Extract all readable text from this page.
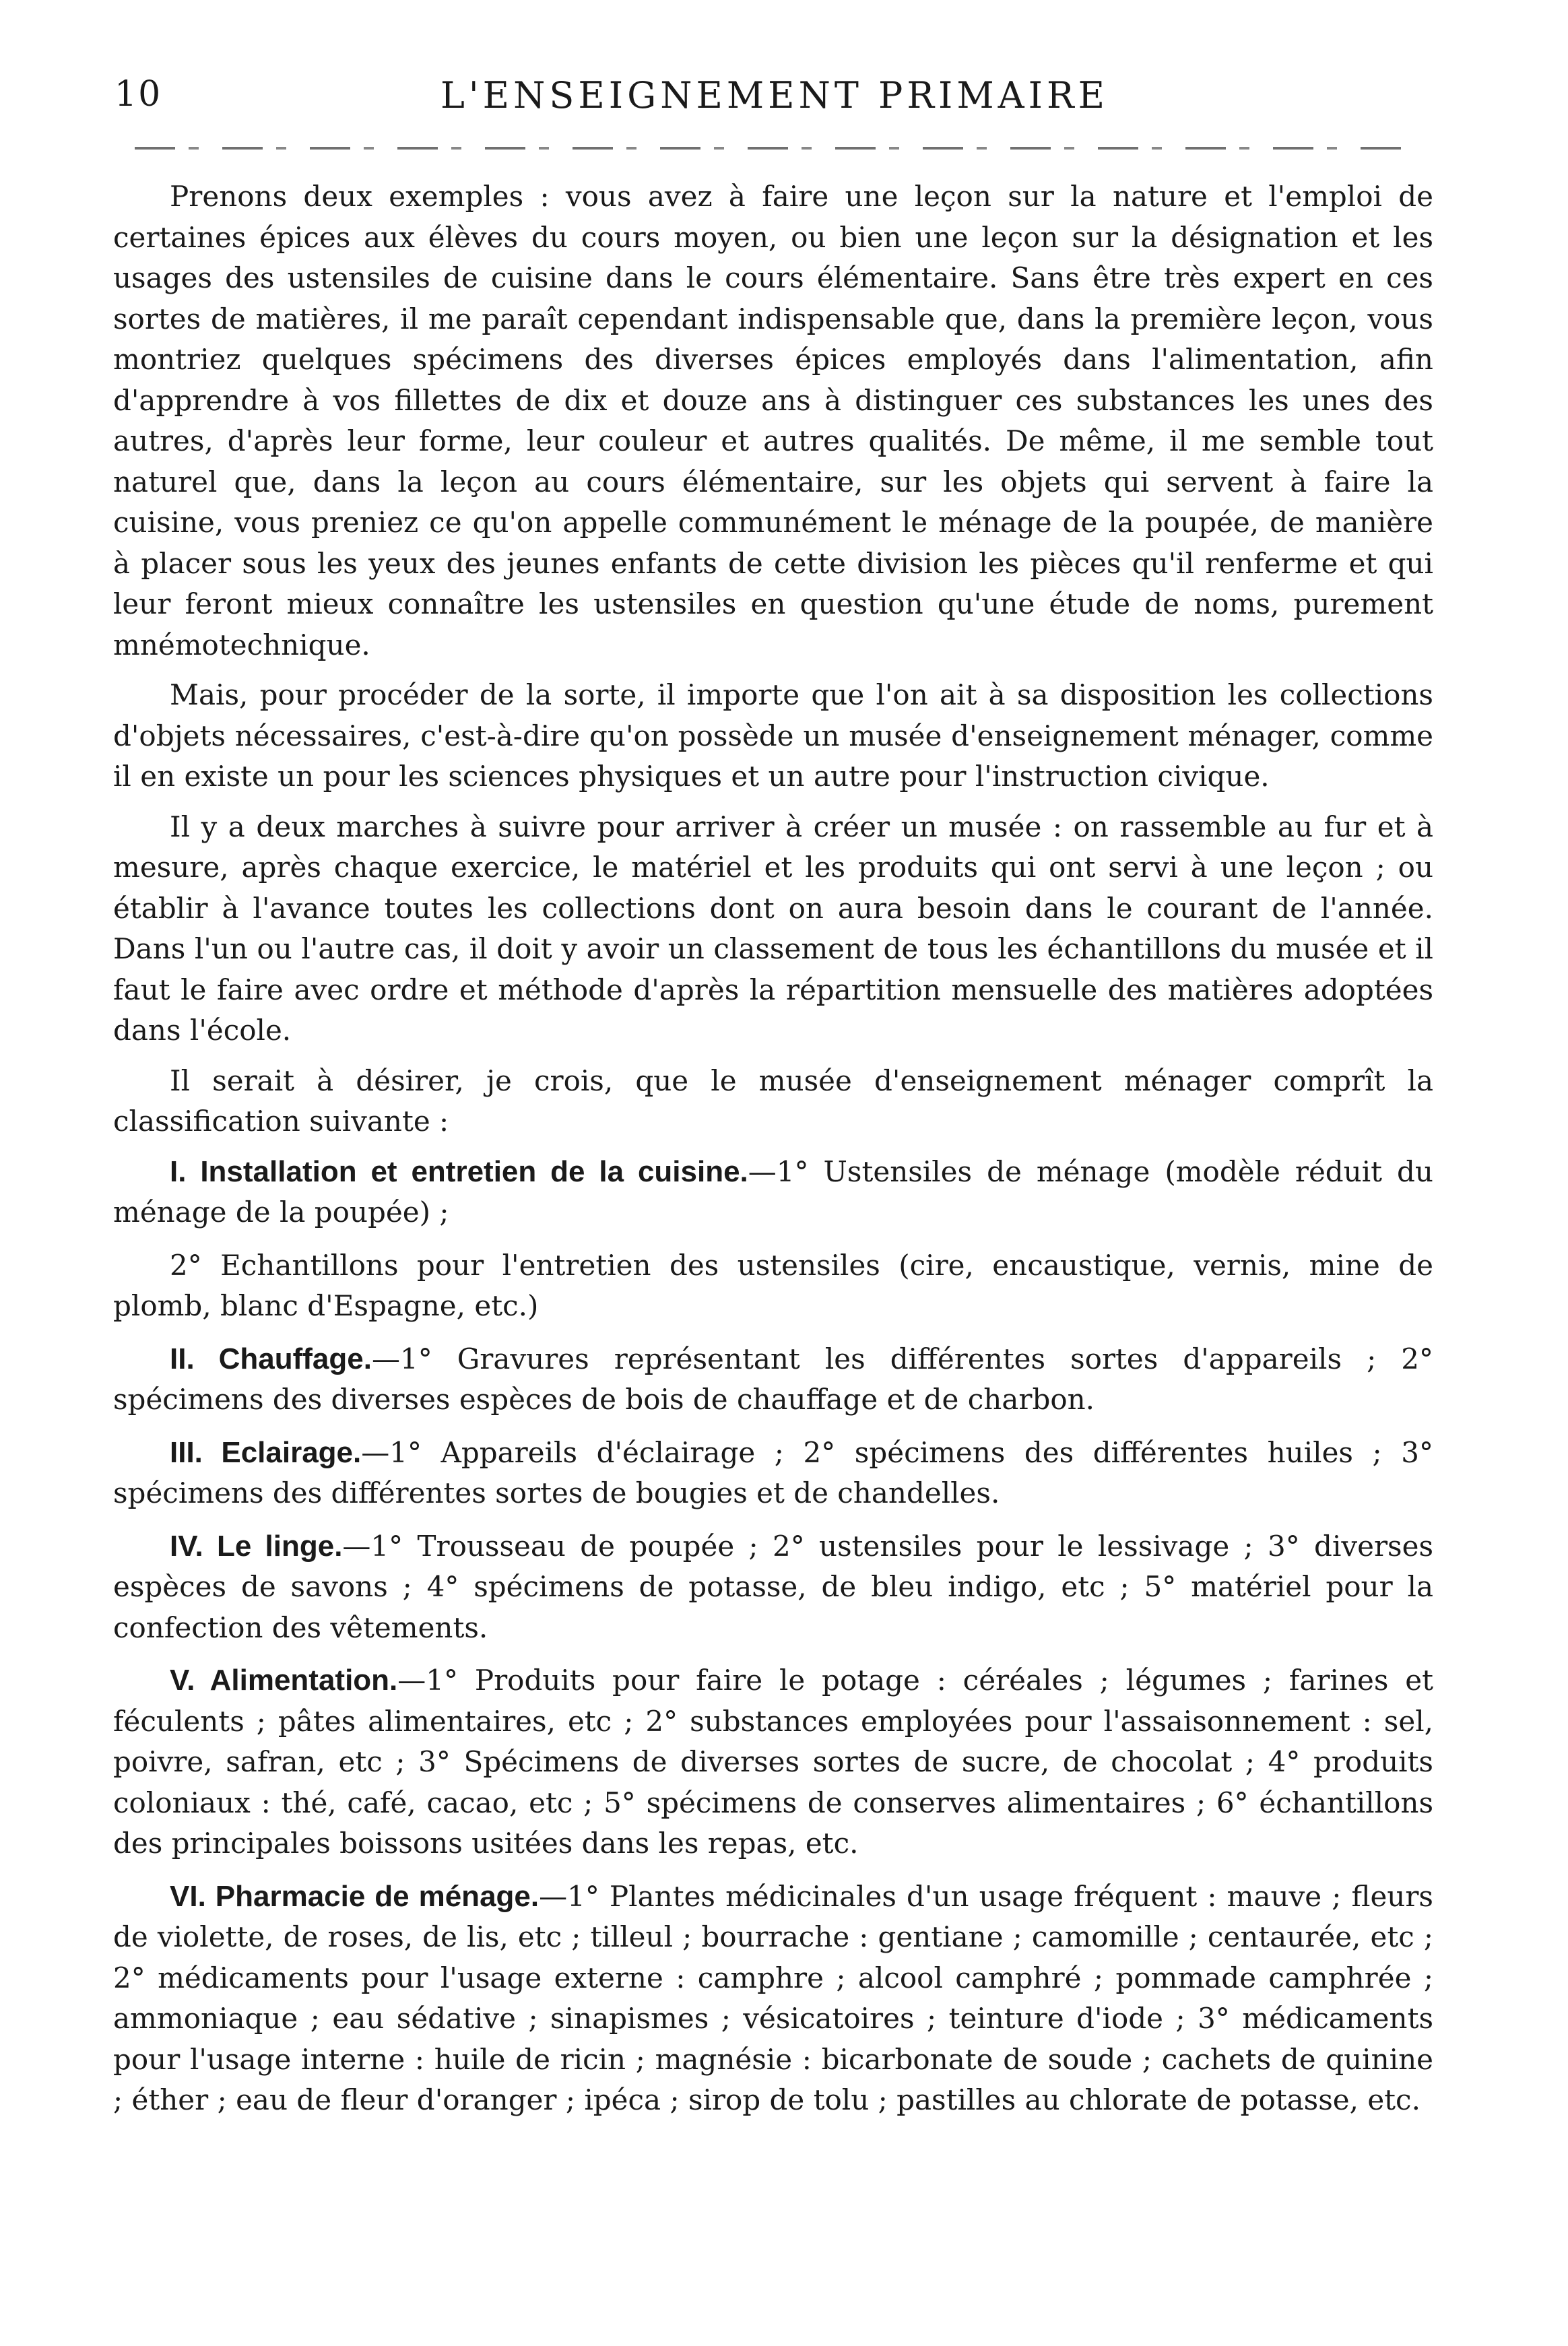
10	L'ENSEIGNEMENT PRIMAIRE

Prenons deux exemples : vous avez à faire une leçon sur la nature et l'emploi de certaines épices aux élèves du cours moyen, ou bien une leçon sur la désignation et les usages des ustensiles de cuisine dans le cours élémentaire. Sans être très expert en ces sortes de matières, il me paraît cependant indispensable que, dans la première leçon, vous montriez quelques spécimens des diverses épices employés dans l'alimentation, afin d'apprendre à vos fillettes de dix et douze ans à distinguer ces substances les unes des autres, d'après leur forme, leur couleur et autres qualités. De même, il me semble tout naturel que, dans la leçon au cours élémentaire, sur les objets qui servent à faire la cuisine, vous preniez ce qu'on appelle communément le ménage de la poupée, de manière à placer sous les yeux des jeunes enfants de cette division les pièces qu'il renferme et qui leur feront mieux connaître les ustensiles en question qu'une étude de noms, purement mnémotechnique.

Mais, pour procéder de la sorte, il importe que l'on ait à sa disposition les collections d'objets nécessaires, c'est-à-dire qu'on possède un musée d'enseignement ménager, comme il en existe un pour les sciences physiques et un autre pour l'instruction civique.

Il y a deux marches à suivre pour arriver à créer un musée : on rassemble au fur et à mesure, après chaque exercice, le matériel et les produits qui ont servi à une leçon ; ou établir à l'avance toutes les collections dont on aura besoin dans le courant de l'année. Dans l'un ou l'autre cas, il doit y avoir un classement de tous les échantillons du musée et il faut le faire avec ordre et méthode d'après la répartition mensuelle des matières adoptées dans l'école.

Il serait à désirer, je crois, que le musée d'enseignement ménager comprît la classification suivante :

I. Installation et entretien de la cuisine.—1° Ustensiles de ménage (modèle réduit du ménage de la poupée) ;

2° Echantillons pour l'entretien des ustensiles (cire, encaustique, vernis, mine de plomb, blanc d'Espagne, etc.)

II. Chauffage.—1° Gravures représentant les différentes sortes d'appareils ; 2° spécimens des diverses espèces de bois de chauffage et de charbon.

III. Eclairage.—1° Appareils d'éclairage ; 2° spécimens des différentes huiles ; 3° spécimens des différentes sortes de bougies et de chandelles.

IV. Le linge.—1° Trousseau de poupée ; 2° ustensiles pour le lessivage ; 3° diverses espèces de savons ; 4° spécimens de potasse, de bleu indigo, etc ; 5° matériel pour la confection des vêtements.

V. Alimentation.—1° Produits pour faire le potage : céréales ; légumes ; farines et féculents ; pâtes alimentaires, etc ; 2° substances employées pour l'assaisonnement : sel, poivre, safran, etc ; 3° Spécimens de diverses sortes de sucre, de chocolat ; 4° produits coloniaux : thé, café, cacao, etc ; 5° spécimens de conserves alimentaires ; 6° échantillons des principales boissons usitées dans les repas, etc.

VI. Pharmacie de ménage.—1° Plantes médicinales d'un usage fréquent : mauve ; fleurs de violette, de roses, de lis, etc ; tilleul ; bourrache : gentiane ; camomille ; centaurée, etc ; 2° médicaments pour l'usage externe : camphre ; alcool camphré ; pommade camphrée ; ammoniaque ; eau sédative ; sinapismes ; vésicatoires ; teinture d'iode ; 3° médicaments pour l'usage interne : huile de ricin ; magnésie : bicarbonate de soude ; cachets de quinine ; éther ; eau de fleur d'oranger ; ipéca ; sirop de tolu ; pastilles au chlorate de potasse, etc.
